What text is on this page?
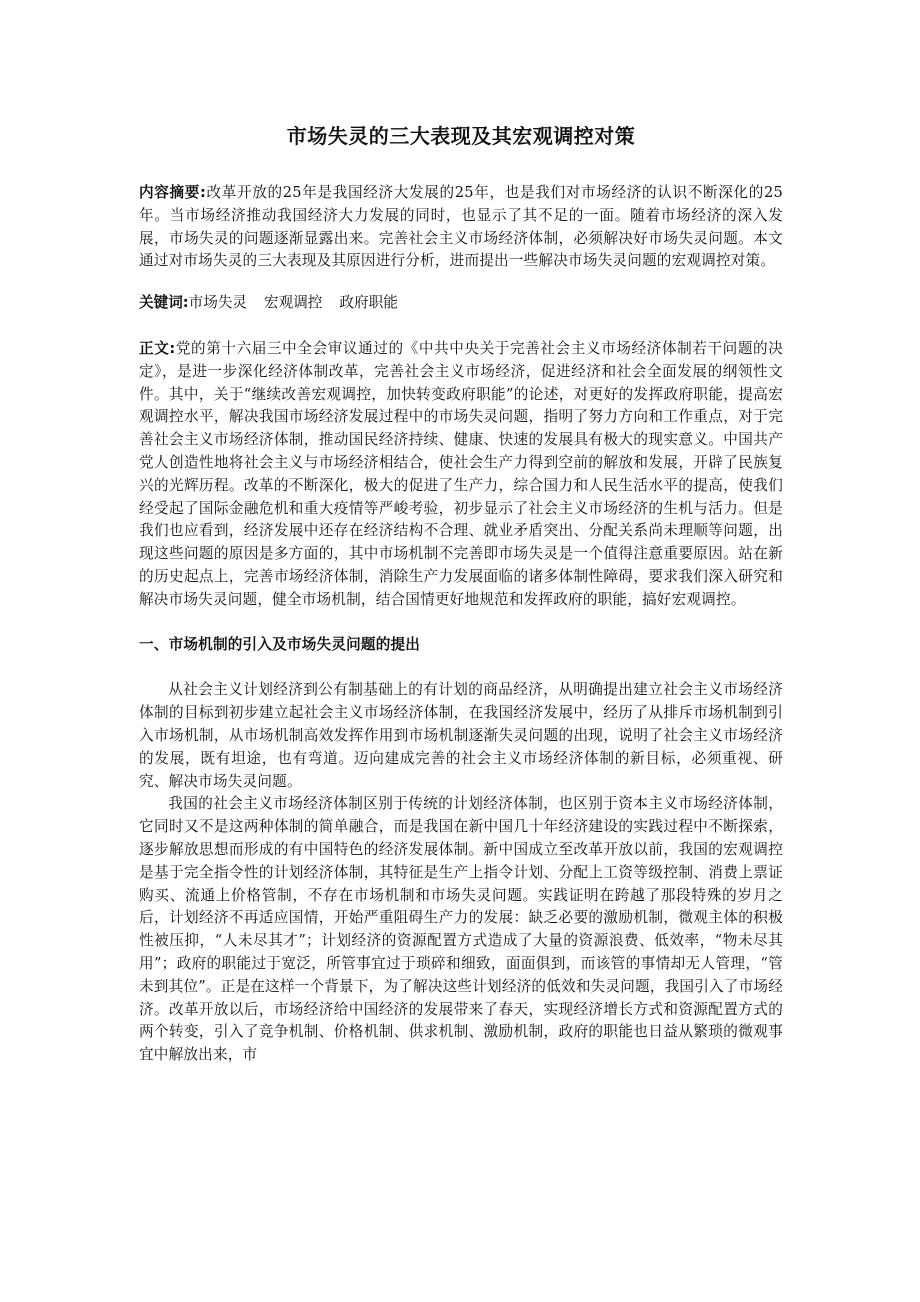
市场失灵的三大表现及其宏观调控对策

内容摘要:改革开放的25年是我国经济大发展的25年，也是我们对市场经济的认识不断深化的25年。当市场经济推动我国经济大力发展的同时，也显示了其不足的一面。随着市场经济的深入发展，市场失灵的问题逐渐显露出来。完善社会主义市场经济体制，必须解决好市场失灵问题。本文通过对市场失灵的三大表现及其原因进行分析，进而提出一些解决市场失灵问题的宏观调控对策。

关键词:市场失灵 宏观调控 政府职能

正文:党的第十六届三中全会审议通过的《中共中央关于完善社会主义市场经济体制若干问题的决定》，是进一步深化经济体制改革，完善社会主义市场经济，促进经济和社会全面发展的纲领性文件。其中，关于“继续改善宏观调控，加快转变政府职能”的论述，对更好的发挥政府职能，提高宏观调控水平，解决我国市场经济发展过程中的市场失灵问题，指明了努力方向和工作重点，对于完善社会主义市场经济体制，推动国民经济持续、健康、快速的发展具有极大的现实意义。中国共产党人创造性地将社会主义与市场经济相结合，使社会生产力得到空前的解放和发展，开辟了民族复兴的光辉历程。改革的不断深化，极大的促进了生产力，综合国力和人民生活水平的提高，使我们经受起了国际金融危机和重大疫情等严峻考验，初步显示了社会主义市场经济的生机与活力。但是我们也应看到，经济发展中还存在经济结构不合理、就业矛盾突出、分配关系尚未理顺等问题，出现这些问题的原因是多方面的，其中市场机制不完善即市场失灵是一个值得注意重要原因。站在新的历史起点上，完善市场经济体制，消除生产力发展面临的诸多体制性障碍，要求我们深入研究和解决市场失灵问题，健全市场机制，结合国情更好地规范和发挥政府的职能，搞好宏观调控。

一、市场机制的引入及市场失灵问题的提出

从社会主义计划经济到公有制基础上的有计划的商品经济，从明确提出建立社会主义市场经济体制的目标到初步建立起社会主义市场经济体制，在我国经济发展中，经历了从排斥市场机制到引入市场机制，从市场机制高效发挥作用到市场机制逐渐失灵问题的出现，说明了社会主义市场经济的发展，既有坦途，也有弯道。迈向建成完善的社会主义市场经济体制的新目标，必须重视、研究、解决市场失灵问题。

我国的社会主义市场经济体制区别于传统的计划经济体制，也区别于资本主义市场经济体制，它同时又不是这两种体制的简单融合，而是我国在新中国几十年经济建设的实践过程中不断探索，逐步解放思想而形成的有中国特色的经济发展体制。新中国成立至改革开放以前，我国的宏观调控是基于完全指令性的计划经济体制，其特征是生产上指令计划、分配上工资等级控制、消费上票证购买、流通上价格管制，不存在市场机制和市场失灵问题。实践证明在跨越了那段特殊的岁月之后，计划经济不再适应国情，开始严重阻碍生产力的发展：缺乏必要的激励机制，微观主体的积极性被压抑，“人未尽其才”；计划经济的资源配置方式造成了大量的资源浪费、低效率，“物未尽其用”；政府的职能过于宽泛，所管事宜过于琐碎和细致，面面俱到，而该管的事情却无人管理，“管未到其位”。正是在这样一个背景下，为了解决这些计划经济的低效和失灵问题，我国引入了市场经济。改革开放以后，市场经济给中国经济的发展带来了春天，实现经济增长方式和资源配置方式的两个转变，引入了竞争机制、价格机制、供求机制、激励机制，政府的职能也日益从繁琐的微观事宜中解放出来，市
